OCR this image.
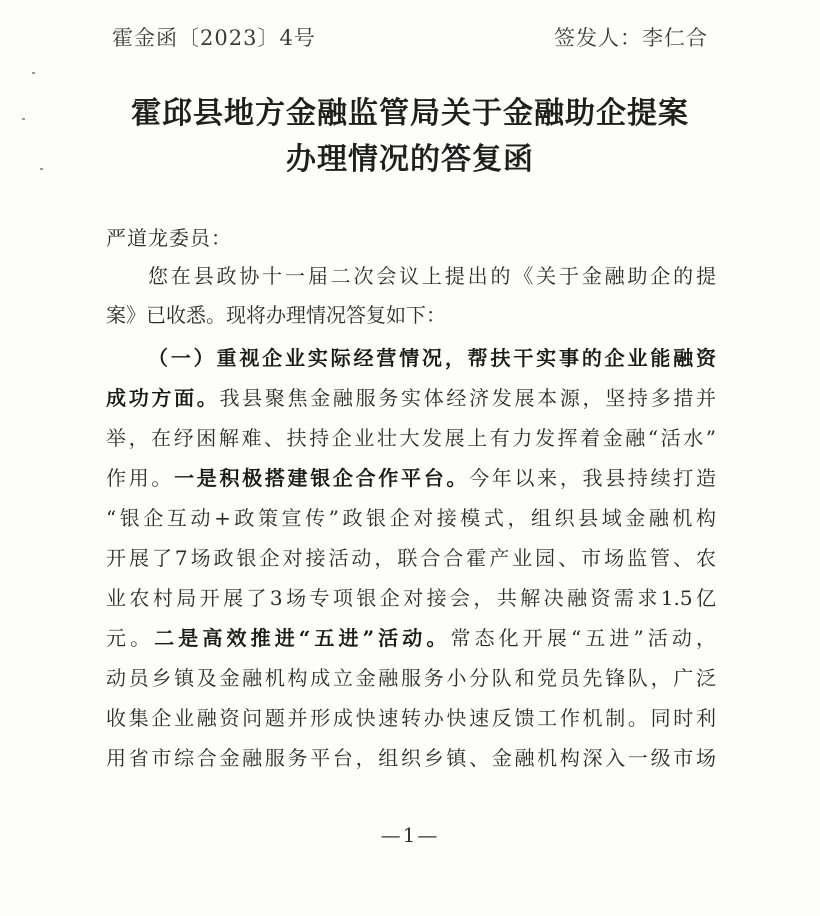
霍金函〔2023〕4号	签发人：李仁合
霍邱县地方金融监管局关于金融助企提案
办理情况的答复函
严道龙委员：
您在县政协十一届二次会议上提出的《关于金融助企的提
案》已收悉。现将办理情况答复如下：
（一）重视企业实际经营情况，帮扶干实事的企业能融资
成功方面。我县聚焦金融服务实体经济发展本源，坚持多措并
举，在纾困解难、扶持企业壮大发展上有力发挥着金融“活水”
作用。一是积极搭建银企合作平台。今年以来，我县持续打造
“银企互动+政策宣传”政银企对接模式，组织县域金融机构
开展了7场政银企对接活动，联合合霍产业园、市场监管、农
业农村局开展了3场专项银企对接会，共解决融资需求1.5亿
元。二是高效推进“五进”活动。常态化开展“五进”活动，
动员乡镇及金融机构成立金融服务小分队和党员先锋队，广泛
收集企业融资问题并形成快速转办快速反馈工作机制。同时利
用省市综合金融服务平台，组织乡镇、金融机构深入一级市场
—1—
